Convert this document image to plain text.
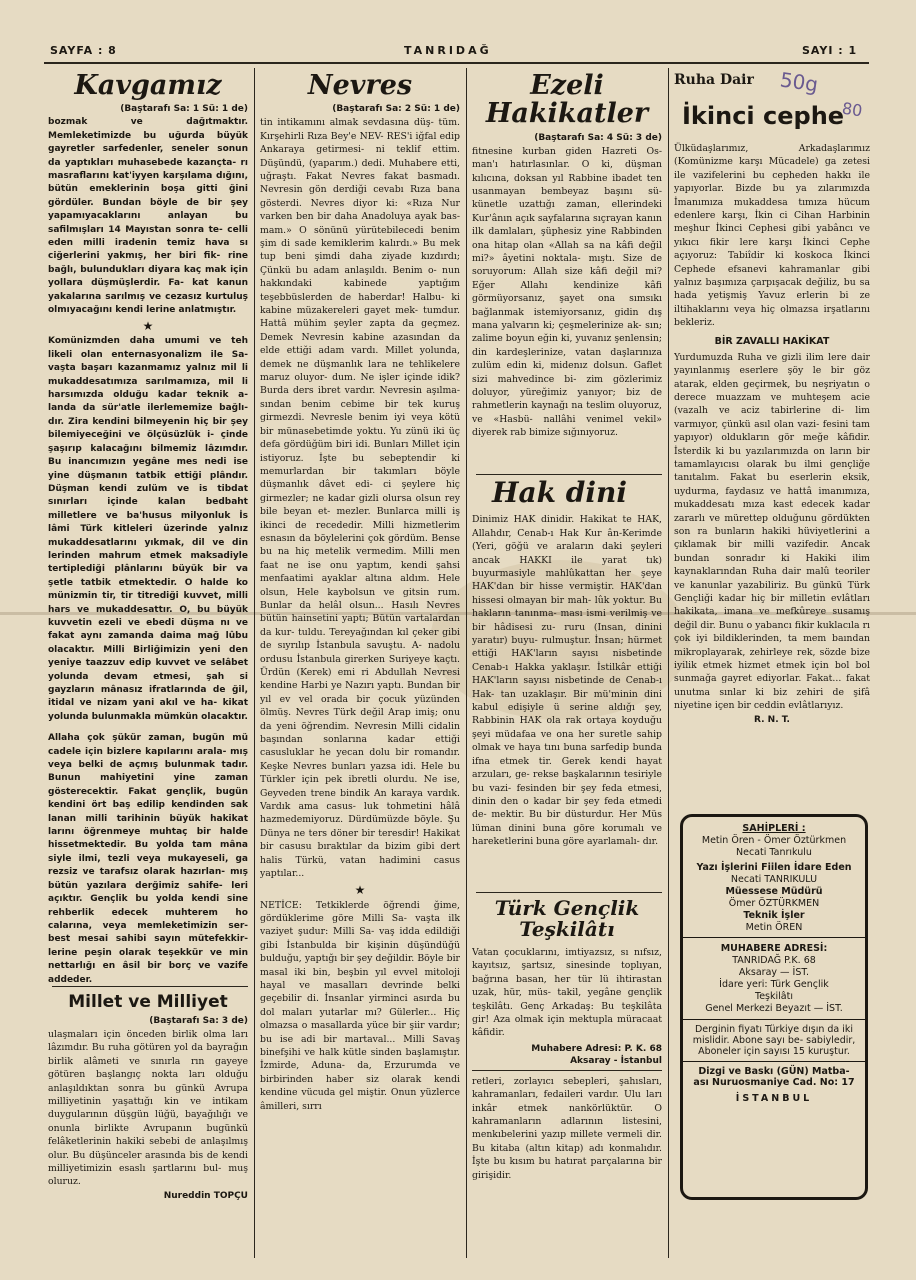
SAYFA : 8	TANRIDAĞ	SAYI : 1
50g
80
Kavgamız
(Baştarafı Sa: 1 Sü: 1 de)
bozmak ve dağıtmaktır. Memleketimizde bu uğurda büyük gayretler sarfedenler, seneler sonun da yaptıkları muhasebede kazançta- rı masraflarını kat'iyyen karşılama dığını, bütün emeklerinin boşa gitti ğini gördüler. Bundan böyle de bir şey yapamıyacaklarını anlayan bu safilmışları 14 Mayıstan sonra te- celli eden milli iradenin temiz hava sı ciğerlerini yakmış, her biri fik- rine bağlı, bulundukları diyara kaç mak için yollara düşmüşlerdir. Fa- kat kanun yakalarına sarılmış ve cezasız kurtuluş olmıyacağını kendi lerine anlatmıştır.
★
Komünizmden daha umumi ve teh likeli olan enternasyonalizm ile Sa- vaşta başarı kazanmamız yalnız mil li mukaddesatımıza sarılmamıza, mil li harsımızda olduğu kadar teknik a- landa da sür'atle ilerlememize bağlı- dır. Zira kendini bilmeyenin hiç bir şey bilemiyeceğini ve ölçüsüzlük i- çinde şaşırıp kalacağını bilmemiz lâzımdır. Bu inancımızın yegâne mes nedi ise yine düşmanın tatbik ettiği plândır. Düşman kendi zulüm ve is tibdat sınırları içinde kalan bedbaht milletlere ve ba'husus milyonluk İs lâmi Türk kitleleri üzerinde yalnız mukaddesatlarını yıkmak, dil ve din lerinden mahrum etmek maksadiyle tertiplediği plânlarını büyük bir va şetle tatbik etmektedir. O halde ko münizmin tir, tir titrediği kuvvet, milli hars ve mukaddesattır. O, bu büyük kuvvetin ezeli ve ebedi düşma nı ve fakat aynı zamanda daima mağ lûbu olacaktır. Milli Birliğimizin yeni den yeniye taazzuv edip kuvvet ve selâbet yolunda devam etmesi, şah si gayzların mânasız ifratlarında de ğil, itidal ve nizam yani akıl ve ha- kikat yolunda bulunmakla mümkün olacaktır.
Allaha çok şükür zaman, bugün mü cadele için bizlere kapılarını arala- mış veya belki de açmış bulunmak tadır. Bunun mahiyetini yine zaman gösterecektir. Fakat gençlik, bugün kendini ört baş edilip kendinden sak lanan milli tarihinin büyük hakikat larını öğrenmeye muhtaç bir halde hissetmektedir. Bu yolda tam mâna siyle ilmi, tezli veya mukayeseli, ga rezsiz ve tarafsız olarak hazırlan- mış bütün yazılara derğimiz sahife- leri açıktır. Gençlik bu yolda kendi sine rehberlik edecek muhterem ho calarına, veya memleketimizin ser- best mesai sahibi sayın mütefekkir- lerine peşin olarak teşekkür ve min nettarlığı en âsil bir borç ve vazife addeder.
Millet ve Milliyet
(Baştarafı Sa: 3 de)
ulaşmaları için önceden birlik olma ları lâzımdır. Bu ruha götüren yol da bayrağın birlik alâmeti ve sınırla rın gayeye götüren başlangıç nokta ları olduğu anlaşıldıktan sonra bu günkü Avrupa milliyetinin yaşattığı kin ve intikam duygularının düşgün lüğü, bayağılığı ve onunla birlikte Avrupanın bugünkü felâketlerinin hakiki sebebi de anlaşılmış olur. Bu düşünceler arasında bis de kendi milliyetimizin esaslı şartlarını bul- muş oluruz.
Nureddin TOPÇU
Nevres
(Baştarafı Sa: 2 Sü: 1 de)
tin intikamını almak sevdasına düş- tüm. Kırşehirli Rıza Bey'e NEV- RES'i iğfal edip Ankaraya getirmesi- ni teklif ettim. Düşündü, (yaparım.) dedi. Muhabere etti, uğraştı. Fakat Nevres fakat basmadı. Nevresin gön derdiği cevabı Rıza bana gösterdi. Nevres diyor ki: «Rıza Nur varken ben bir daha Anadoluya ayak bas- mam.» O sönünü yürütebilecedi benim şim di sade kemiklerim kalırdı.» Bu mek tup beni şimdi daha ziyade kızdırdı; Çünkü bu adam anlaşıldı. Benim o- nun hakkındaki kabinede yaptığım teşebbüslerden de haberdar! Halbu- ki kabine müzakereleri gayet mek- tumdur. Hattâ mühim şeyler zapta da geçmez. Demek Nevresin kabine azasından da elde ettiği adam vardı. Millet yolunda, demek ne düşmanlık lara ne tehlikelere maruz oluyor- dum. Ne işler içinde idik? Burda ders ibret vardır. Nevresin aşılma- sından benim cebime bir tek kuruş girmezdi. Nevresle benim iyi veya kötü bir münasebetimde yoktu. Yu zünü iki üç defa gördüğüm biri idi. Bunları Millet için istiyoruz. İşte bu sebeptendir ki memurlardan bir takımları böyle düşmanlık dâvet edi- ci şeylere hiç girmezler; ne kadar gizli olursa olsun rey bile beyan et- mezler. Bunlarca milli iş ikinci de recededir. Milli hizmetlerim esnasın da böylelerini çok gördüm. Bense bu na hiç metelik vermedim. Milli men faat ne ise onu yaptım, kendi şahsi menfaatimi ayaklar altına aldım. Hele olsun, Hele kaybolsun ve gitsin rum. Bunlar da helâl olsun... Hasılı Nevres bütün hainsetini yaptı; Bütün vartalardan da kur- tuldu. Tereyağından kıl çeker gibi de sıyrılıp İstanbula savuştu. A- nadolu ordusu İstanbula girerken Suriyeye kaçtı. Ürdün (Kerek) emi ri Abdullah Nevresi kendine Harbi ye Nazırı yaptı. Bundan bir yıl ev vel orada bir çocuk yüzünden ölmüş. Nevres Türk değil Arap imiş; onu da yeni öğrendim. Nevresin Milli cidalin başından sonlarına kadar ettiği casusluklar he yecan dolu bir romandır. Keşke Nevres bunları yazsa idi. Hele bu Türkler için pek ibretli olurdu. Ne ise, Geyveden trene bindik An karaya vardık. Vardık ama casus- luk tohmetini hâlâ hazmedemiyoruz. Dürdümüzde böyle. Şu Dünya ne ters döner bir teresdir! Hakikat bir casusu bıraktılar da bizim gibi dert halis Türkü, vatan hadimini casus yaptılar...
★
NETİCE: Tetkiklerde öğrendi ğime, gördüklerime göre Milli Sa- vaşta ilk vaziyet şudur: Milli Sa- vaş idda edildiği gibi İstanbulda bir kişinin düşündüğü bulduğu, yaptığı bir şey değildir. Böyle bir masal iki bin, beşbin yıl evvel mitoloji hayal ve masalları devrinde belki geçebilir di. İnsanlar yirminci asırda bu dol maları yutarlar mı? Gülerler... Hiç olmazsa o masallarda yüce bir şiir vardır; bu ise adi bir martaval... Milli Savaş binefşihi ve halk kütle sinden başlamıştır. İzmirde, Aduna- da, Erzurumda ve birbirinden haber siz olarak kendi kendine vücuda gel miştir. Onun yüzlerce âmilleri, sırrı
Ezeli Hakikatler
(Baştarafı Sa: 4 Sü: 3 de)
fitnesine kurban giden Hazreti Os- man'ı hatırlasınlar. O ki, düşman kılıcına, doksan yıl Rabbine ibadet ten usanmayan bembeyaz başını sü- künetle uzattığı zaman, ellerindeki Kur'ânın açık sayfalarına sıçrayan kanın ilk damlaları, şüphesiz yine Rabbinden ona hitap olan «Allah sa na kâfi değil mi?» âyetini noktala- mıştı. Size de soruyorum: Allah size kâfi değil mi? Eğer Allahı kendinize kâfi görmüyorsanız, şayet ona sımsıkı bağlanmak istemiyorsanız, gidin dış mana yalvarın ki; çeşmelerinize ak- sın; zalime boyun eğin ki, yuvanız şenlensin; din kardeşlerinize, vatan daşlarınıza zulüm edin ki, midenız dolsun. Gaflet sizi mahvedince bi- zim gözlerimiz doluyor, yüreğimiz yanıyor; biz de rahmetlerin kaynağı na teslim oluyoruz, ve «Hasbü- nallâhi venimel vekil» diyerek rab bimize sığınıyoruz.
Hak dini
Dinimiz HAK dinidir. Hakikat te HAK, Allahdır, Cenab-ı Hak Kur ân-Kerimde (Yeri, göğü ve araların daki şeyleri ancak HAKKI ile yarat tık) buyurmasiyle mahlûkattan her şeye HAK'dan bir hisse vermiştir. HAK'dan hissesi olmayan bir mah- lûk yoktur. Bu hakların tanınma- ması ismi verilmiş ve bir hâdisesi zu- ruru (Insan, dinini yaratır) buyu- rulmuştur. İnsan; hürmet ettiği HAK'ların sayısı nisbetinde Cenab-ı Hakka yaklaşır. İstilkâr ettiği HAK'ların sayısı nisbetinde de Cenab-ı Hak- tan uzaklaşır. Bir mü'minin dini kabul edişiyle ü serine aldığı şey, Rabbinin HAK ola rak ortaya koyduğu şeyi müdafaa ve ona her suretle sahip olmak ve haya tını buna sarfedip bunda ifna etmek tir. Gerek kendi hayat arzuları, ge- rekse başkalarının tesiriyle bu vazi- fesinden bir şey feda etmesi, dinin den o kadar bir şey feda etmedi de- mektir. Bu bir düsturdur. Her Müs lüman dinini buna göre korumalı ve hareketlerini buna göre ayarlamalı- dır.
Türk Gençlik Teşkilâtı
Vatan çocuklarını, imtiyazsız, sı nıfsız, kayıtsız, şartsız, sinesinde toplıyan, bağrına basan, her tür lü ihtirastan uzak, hür, müs- takil, yegâne gençlik teşkilâtı. Genç Arkadaş: Bu teşkilâta gir! Aza olmak için mektupla müracaat kâfidir.
Muhabere Adresi: P. K. 68
Aksaray - İstanbul
retleri, zorlayıcı sebepleri, şahısları, kahramanları, fedaileri vardır. Ulu ları inkâr etmek nankörlüktür. O kahramanların adlarının listesini, menkıbelerini yazıp millete vermeli dir. Bu kitaba (altın kitap) adı konmalıdır. İşte bu kısım bu hatırat parçalarına bir girişidir.
Ruha Dair
İkinci cephe
Ülküdaşlarımız, Arkadaşlarımız (Komünizme karşı Mücadele) ga zetesi ile vazifelerini bu cepheden hakkı ile yapıyorlar. Bizde bu ya zılarımızda İmanımıza mukaddesa tımıza hücum edenlere karşı, İkin ci Cihan Harbinin meşhur İkinci Cephesi gibi yabâncı ve yıkıcı fikir lere karşı İkinci Cephe açıyoruz: Tabiîdir ki koskoca İkinci Cephede efsanevi kahramanlar gibi yalnız başımıza çarpışacak değiliz, bu sa hada yetişmiş Yavuz erlerin bi ze iltihaklarını veya hiç olmazsa irşatlarını bekleriz.
BİR ZAVALLI HAKİKAT
Yurdumuzda Ruha ve gizli ilim lere dair yayınlanmış eserlere şöy le bir göz atarak, elden geçirmek, bu neşriyatın o derece muazzam ve muhteşem acie (vazalh ve aciz tabirlerine di- lim varmıyor, çünkü asıl olan vazi- fesini tam yapıyor) oldukların gör meğe kâfidir. İsterdik ki bu yazılarımızda on ların bir tamamlayıcısı olarak bu ilmi gençliğe tanıtalım. Fakat bu eserlerin eksik, uydurma, faydasız ve hattâ imanımıza, mukaddesatı mıza kast edecek kadar zararlı ve mürettep olduğunu gördükten son ra bunların hakiki hüviyetlerini a çıklamak bir milli vazifedir. Ancak bundan sonradır ki Hakiki ilim kaynaklarından Ruha dair malû teoriler ve kanunlar yazabiliriz. Bu günkü Türk Gençliği kadar hiç bir milletin evlâtları hakikata, imana ve mefkûreye susamış değil dir. Bunu o yabancı fikir kuklacıla rı çok iyi bildiklerinden, ta mem baından mikroplayarak, zehirleye rek, sözde bize iyilik etmek hizmet etmek için bol bol sunmağa gayret ediyorlar. Fakat... fakat unutma sınlar ki biz zehiri de şifâ niyetine içen bir ceddin evlâtlarıyız.
R. N. T.
SAHİPLERİ :
Metin Ören - Ömer Öztürkmen
Necati Tanrıkulu
Yazı İşlerini Fiilen İdare Eden
Necati TANRIKULU
Müessese Müdürü
Ömer ÖZTÜRKMEN
Teknik İşler
Metin ÖREN
MUHABERE ADRESİ:
TANRIDAĞ P.K. 68
Aksaray — İST.
İdare yeri: Türk Gençlik
Teşkilâtı
Genel Merkezi Beyazıt — İST.
Derginin fiyatı Türkiye dışın da iki mislidir. Abone sayı be- sabiyledir, Aboneler için sayısı 15 kuruştur.
Dizgi ve Baskı (GÜN) Matba- ası Nuruosmaniye Cad. No: 17
İSTANBUL
